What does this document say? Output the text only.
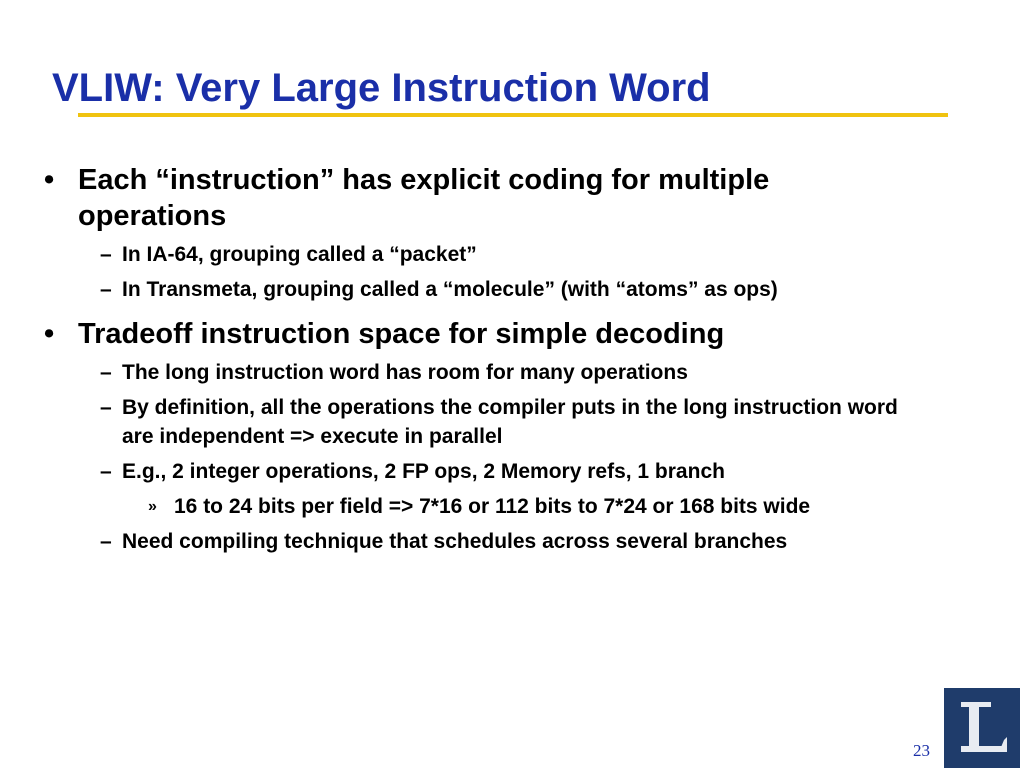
VLIW: Very Large Instruction Word
• Each “instruction” has explicit coding for multiple operations
– In IA-64, grouping called a “packet”
– In Transmeta, grouping called a “molecule” (with “atoms” as ops)
• Tradeoff instruction space for simple decoding
– The long instruction word has room for many operations
– By definition, all the operations the compiler puts in the long instruction word are independent => execute in parallel
– E.g., 2 integer operations, 2 FP ops, 2 Memory refs, 1 branch
» 16 to 24 bits per field => 7*16 or 112 bits to 7*24 or 168 bits wide
– Need compiling technique that schedules across several branches
23
